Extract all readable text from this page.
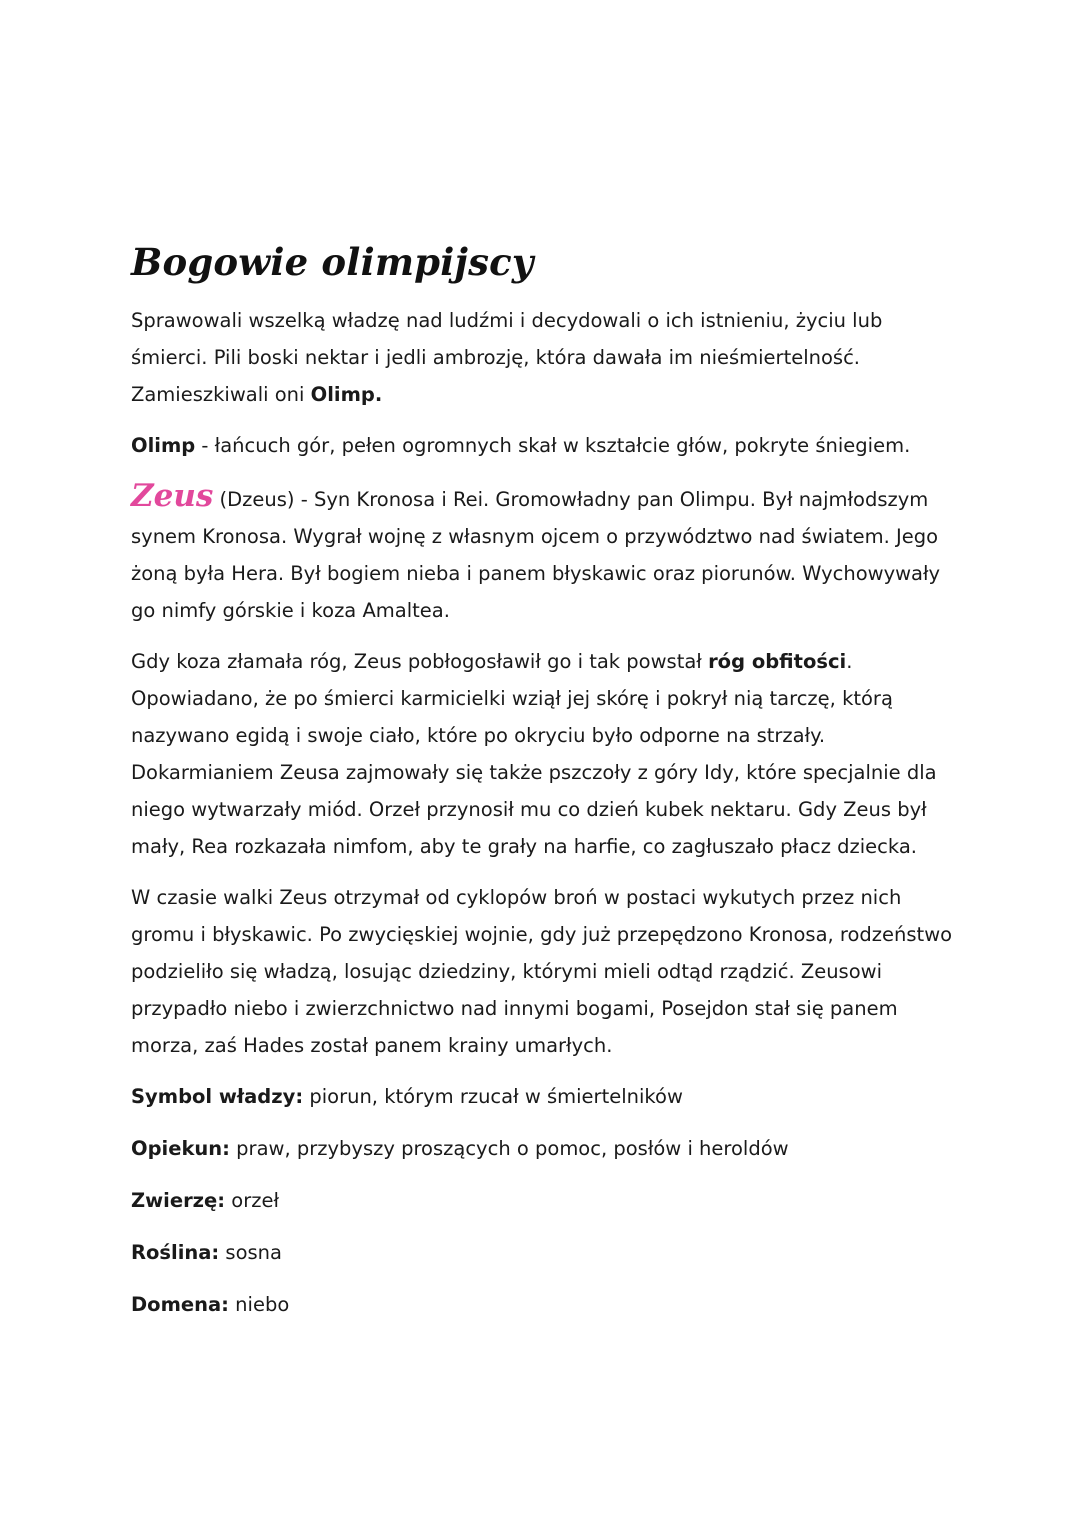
Bogowie olimpijscy

Sprawowali wszelką władzę nad ludźmi i decydowali o ich istnieniu, życiu lub śmierci. Pili boski nektar i jedli ambrozję, która dawała im nieśmiertelność. Zamieszkiwali oni Olimp.

Olimp - łańcuch gór, pełen ogromnych skał w kształcie głów, pokryte śniegiem.

Zeus (Dzeus) - Syn Kronosa i Rei. Gromowładny pan Olimpu. Był najmłodszym synem Kronosa. Wygrał wojnę z własnym ojcem o przywództwo nad światem. Jego żoną była Hera. Był bogiem nieba i panem błyskawic oraz piorunów. Wychowywały go nimfy górskie i koza Amaltea.

Gdy koza złamała róg, Zeus pobłogosławił go i tak powstał róg obfitości. Opowiadano, że po śmierci karmicielki wziął jej skórę i pokrył nią tarczę, którą nazywano egidą i swoje ciało, które po okryciu było odporne na strzały. Dokarmianiem Zeusa zajmowały się także pszczoły z góry Idy, które specjalnie dla niego wytwarzały miód. Orzeł przynosił mu co dzień kubek nektaru. Gdy Zeus był mały, Rea rozkazała nimfom, aby te grały na harfie, co zagłuszało płacz dziecka.

W czasie walki Zeus otrzymał od cyklopów broń w postaci wykutych przez nich gromu i błyskawic. Po zwycięskiej wojnie, gdy już przepędzono Kronosa, rodzeństwo podzieliło się władzą, losując dziedziny, którymi mieli odtąd rządzić. Zeusowi przypadło niebo i zwierzchnictwo nad innymi bogami, Posejdon stał się panem morza, zaś Hades został panem krainy umarłych.

Symbol władzy: piorun, którym rzucał w śmiertelników

Opiekun: praw, przybyszy proszących o pomoc, posłów i heroldów

Zwierzę: orzeł

Roślina: sosna

Domena: niebo
